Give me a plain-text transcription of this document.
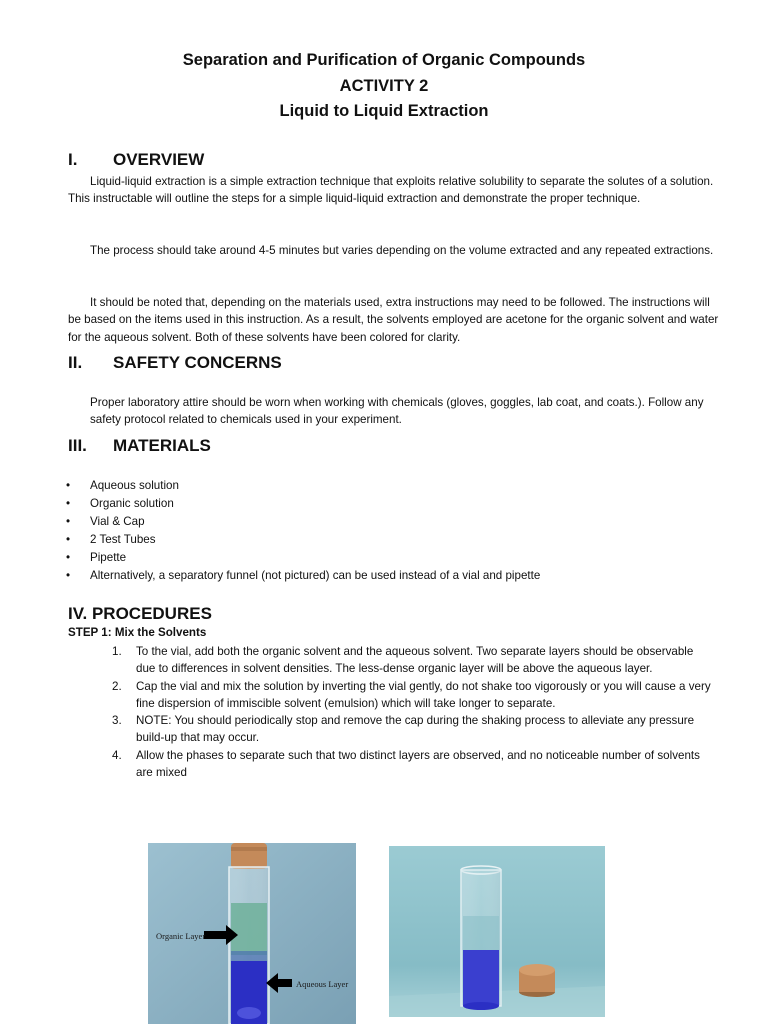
Separation and Purification of Organic Compounds
ACTIVITY 2
Liquid to Liquid Extraction
I. OVERVIEW
Liquid-liquid extraction is a simple extraction technique that exploits relative solubility to separate the solutes of a solution. This instructable will outline the steps for a simple liquid-liquid extraction and demonstrate the proper technique.
The process should take around 4-5 minutes but varies depending on the volume extracted and any repeated extractions.
It should be noted that, depending on the materials used, extra instructions may need to be followed. The instructions will be based on the items used in this instruction. As a result, the solvents employed are acetone for the organic solvent and water for the aqueous solvent. Both of these solvents have been colored for clarity.
II. SAFETY CONCERNS
Proper laboratory attire should be worn when working with chemicals (gloves, goggles, lab coat, and coats.). Follow any safety protocol related to chemicals used in your experiment.
III. MATERIALS
• Aqueous solution
• Organic solution
• Vial & Cap
• 2 Test Tubes
• Pipette
• Alternatively, a separatory funnel (not pictured) can be used instead of a vial and pipette
IV. PROCEDURES
STEP 1: Mix the Solvents
1. To the vial, add both the organic solvent and the aqueous solvent. Two separate layers should be observable due to differences in solvent densities. The less-dense organic layer will be above the aqueous layer.
2. Cap the vial and mix the solution by inverting the vial gently, do not shake too vigorously or you will cause a very fine dispersion of immiscible solvent (emulsion) which will take longer to separate.
3. NOTE: You should periodically stop and remove the cap during the shaking process to alleviate any pressure build-up that may occur.
4. Allow the phases to separate such that two distinct layers are observed, and no noticeable number of solvents are mixed
Organic Layer
Aqueous Layer
